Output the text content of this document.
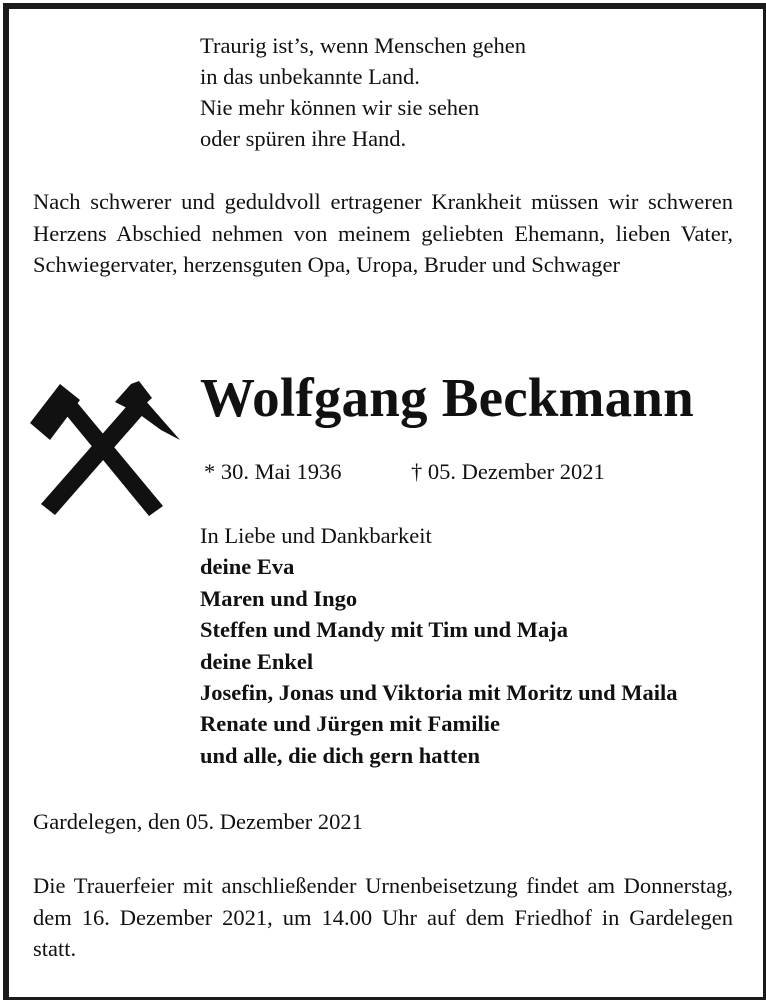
Traurig ist’s, wenn Menschen gehen
in das unbekannte Land.
Nie mehr können wir sie sehen
oder spüren ihre Hand.
Nach schwerer und geduldvoll ertragener Krankheit müssen wir schweren Herzens Abschied nehmen von meinem geliebten Ehemann, lieben Vater, Schwiegervater, herzensguten Opa, Uropa, Bruder und Schwager
Wolfgang Beckmann
* 30. Mai 1936	† 05. Dezember 2021
In Liebe und Dankbarkeit
deine Eva
Maren und Ingo
Steffen und Mandy mit Tim und Maja
deine Enkel
Josefin, Jonas und Viktoria mit Moritz und Maila
Renate und Jürgen mit Familie
und alle, die dich gern hatten
Gardelegen, den 05. Dezember 2021
Die Trauerfeier mit anschließender Urnenbeisetzung findet am Donnerstag, dem 16. Dezember 2021, um 14.00 Uhr auf dem Friedhof in Gardelegen statt.
